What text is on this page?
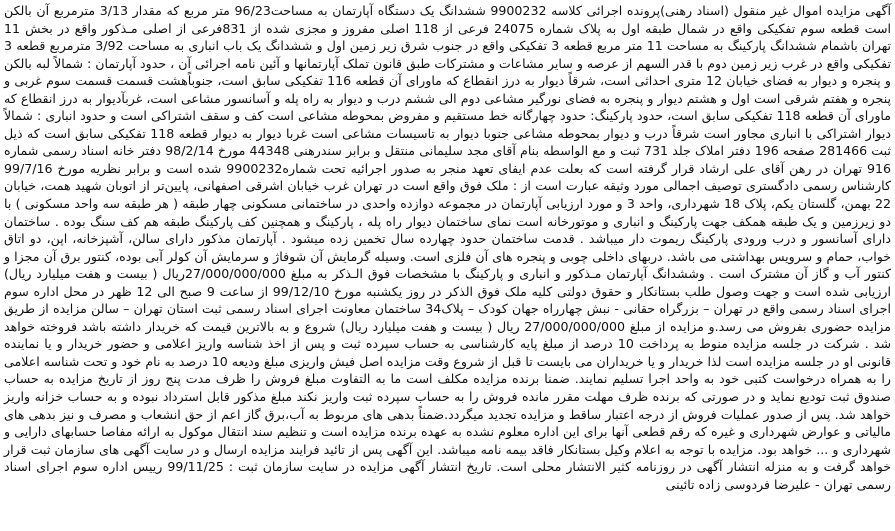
آگهی مزایده اموال غیر منقول (اسناد رهنی)پرونده اجرائی کلاسه 9900232 ششدانگ یک دستگاه آپارتمان به مساحت96/23 متر مربع که مقدار 3/13 مترمربع آن بالکن است قطعه سوم تفکیکی واقع در شمال طبقه اول به پلاک شماره 24075 فرعی از 118 اصلی مفروز و مجزی شده از 831فرعی از اصلی مـذکور واقع در بخش 11 تهران باشمام ششدانگ پارکینگ به مساحت 11 متر مربع قطعه 3 تفکیکی واقع در جنوب شرق زیر زمین اول و ششدانگ یک باب انباری به مساحت 3/92 مترمربع قطعه 3 تفکیکی واقع در غرب زیر زمین دوم با قدر السهم از عرصه و سایر مشاعات و مشترکات طبق قانون تملک آپارتمانها و آئین نامه اجرائی آن ، حدود آپارتمان : شمالاً لبه بالکن و پنجره و دیوار به فضای خیابان 12 متری احداثی است، شرقاً دیوار به درز انقطاع که ماورای آن قطعه 116 تفکیکی سابق است، جنوباًهشت قسمت قسمت سوم غربی و پنجره و هفتم شرقی است اول و هشتم دیوار و پنجره به فضای نورگیر مشاعی دوم الی ششم درب و دیوار به راه پله و آسانسور مشاعی است، غربآدیوار به درز انقطاع که ماورای آن قطعه 118 تفکیکی سابق است، حدود پارکینگ: حدود چهارگانه خط مستقیم و مفروض بمحوطه مشاعی است کف و سقف اشتراکی است و حدود انباری : شمالاً دیوار اشتراکی با انباری مجاور است شرقاً درب و دیوار بمحوطه مشاعی جنوبا دیوار به تاسیسات مشاعی است غربا دیوار به دیوار قطعه 118 تفکیکی سابق است که ذیل ثبت 281466 صفحه 196 دفتر املاک جلد 731 ثبت و مع الواسطه بنام آقای مجد سلیمانی منتقل و برابر سندرهنی 44348 مورخ 98/2/14 دفتر خانه اسناد رسمی شماره 916 تهران در رهن آقای علی ارشاد قرار گرفته است که بعلت عدم ایفای تعهد منجر به صدور اجرائیه تحت شماره9900232 شده است و برابر نظریه مورخ 99/7/16 کارشناس رسمی دادگستری توصیف اجمالی مورد وثیقه عبارت است از : ملک فوق واقع است در تهران غرب خیابان اشرقی اصفهانی، پایین‌تر از اتوبان شهید همت، خیابان 22 بهمن، گلستان یکم، پلاک 18 شهرداری، واحد 3 و مورد ارزیابی آپارتمان در مجموعه دوازده واحدی در ساختمانی مسکونی چهار طبقه ( هر طبقه سه واحد مسکونی ) با دو زیرزمین و یک طبقه همکف جهت پارکینگ و انباری و موتورخانه است نمای ساختمان دیوار راه پله ، پارکینگ و همچنین کف پارکینگ طبقه هم کف سنگ بوده . ساختمان دارای آسانسور و درب ورودی پارکینگ ریموت دار میباشد . قدمت ساختمان حدود چهارده سال تخمین زده میشود . آپارتمان مذکور دارای سالن، آشپزخانه، اپن، دو اتاق خواب، حمام و سرویس بهداشتی می باشد. دربهای داخلی چوبی و پنجره های آن فلزی است. وسیله گرمایش آن شوفاژ و سرمایش آن کولر آبی بوده، کنتور برق آن مجزا و کنتور آب و گاز آن مشترک است . وششدانگ آپارتمان مـذکور و انباری و پارکینگ با مشخصات فوق الـذکر به مبلغ 27/000/000/000ریال ( بیست و هفت میلیارد ریال) ارزیابی شده است و جهت وصول طلب بستانکار و حقوق دولتی کلیه ملک فوق الذکر در روز یکشنبه مورخ 99/12/10 از ساعت 9 صبح الی 12 ظهر در محل اداره سوم اجرای اسناد رسمی واقع در تهران – بزرگراه حقانی - نبش چهارراه جهان کودک – پلاک34 ساختمان معاونت اجرای اسناد رسمی ثبت استان تهران – سالن مزایده از طریق مزایده حضوری بفروش می رسد.و مزایده از مبلغ 27/000/000/000 ریال ( بیست و هفت میلیارد ریال) شروع و به بالاترین قیمت که خریدار داشته باشد فروخته خواهد شد . شرکت در جلسه مزایده منوط به پرداخت 10 درصد از مبلغ پایه کارشناسی به حساب سپرده ثبت و پس از اخذ شناسه واریز اعلامی و حضور خریدار و یا نماینده قانونی او در جلسه مزایده است لذا خریدار و یا خریداران می بایست تا قبل از شروع وقت مزایده اصل فیش واریزی مبلغ ودیعه 10 درصد به نام خود و تحت شناسه اعلامی را به همراه درخواست کتبی خود به واحد اجرا تسلیم نمایند. ضمنا برنده مزایده مکلف است ما به التفاوت مبلغ فروش را ظرف مدت پنج روز از تاریخ مزایده به حساب صندوق ثبت تودیع نماید و در صورتی که برنده ظرف مهلت مقرر مانده فروش را به حساب سپرده ثبت واریز نکند مبلغ مذکور قابل استرداد نبوده و به حساب خزانه واریز خواهد شد. پس از صدور عملیات فروش از درجه اعتبار ساقط و مزایده تجدید میگردد.ضمناً بدهی های مربوط به آب،برق گاز اعم از حق انشعاب و مصرف و نیز بدهی های مالیاتی و عوارض شهرداری و غیره که رقم قطعی آنها برای این اداره معلوم نشده به عهده برنده مزایده است و تنظیم سند انتقال موکول به ارائه مفاصا حسابهای دارایی و شهرداری و ... خواهد بود. مزایده با توجه به اعلام وکیل بستانکار فاقد بیمه نامه میباشد. این آگهی پس از تائید فرایند مزایده ارسال و در سایت آگهی های سازمان ثبت قرار خواهد گرفت و به منزله انتشار آگهی در روزنامه کثیر الانتشار محلی است. تاریخ انتشار آگهی مزایده در سایت سازمان ثبت : 99/11/25 رییس اداره سوم اجرای اسناد رسمی تهران - علیرضا فردوسی زاده تائینی
